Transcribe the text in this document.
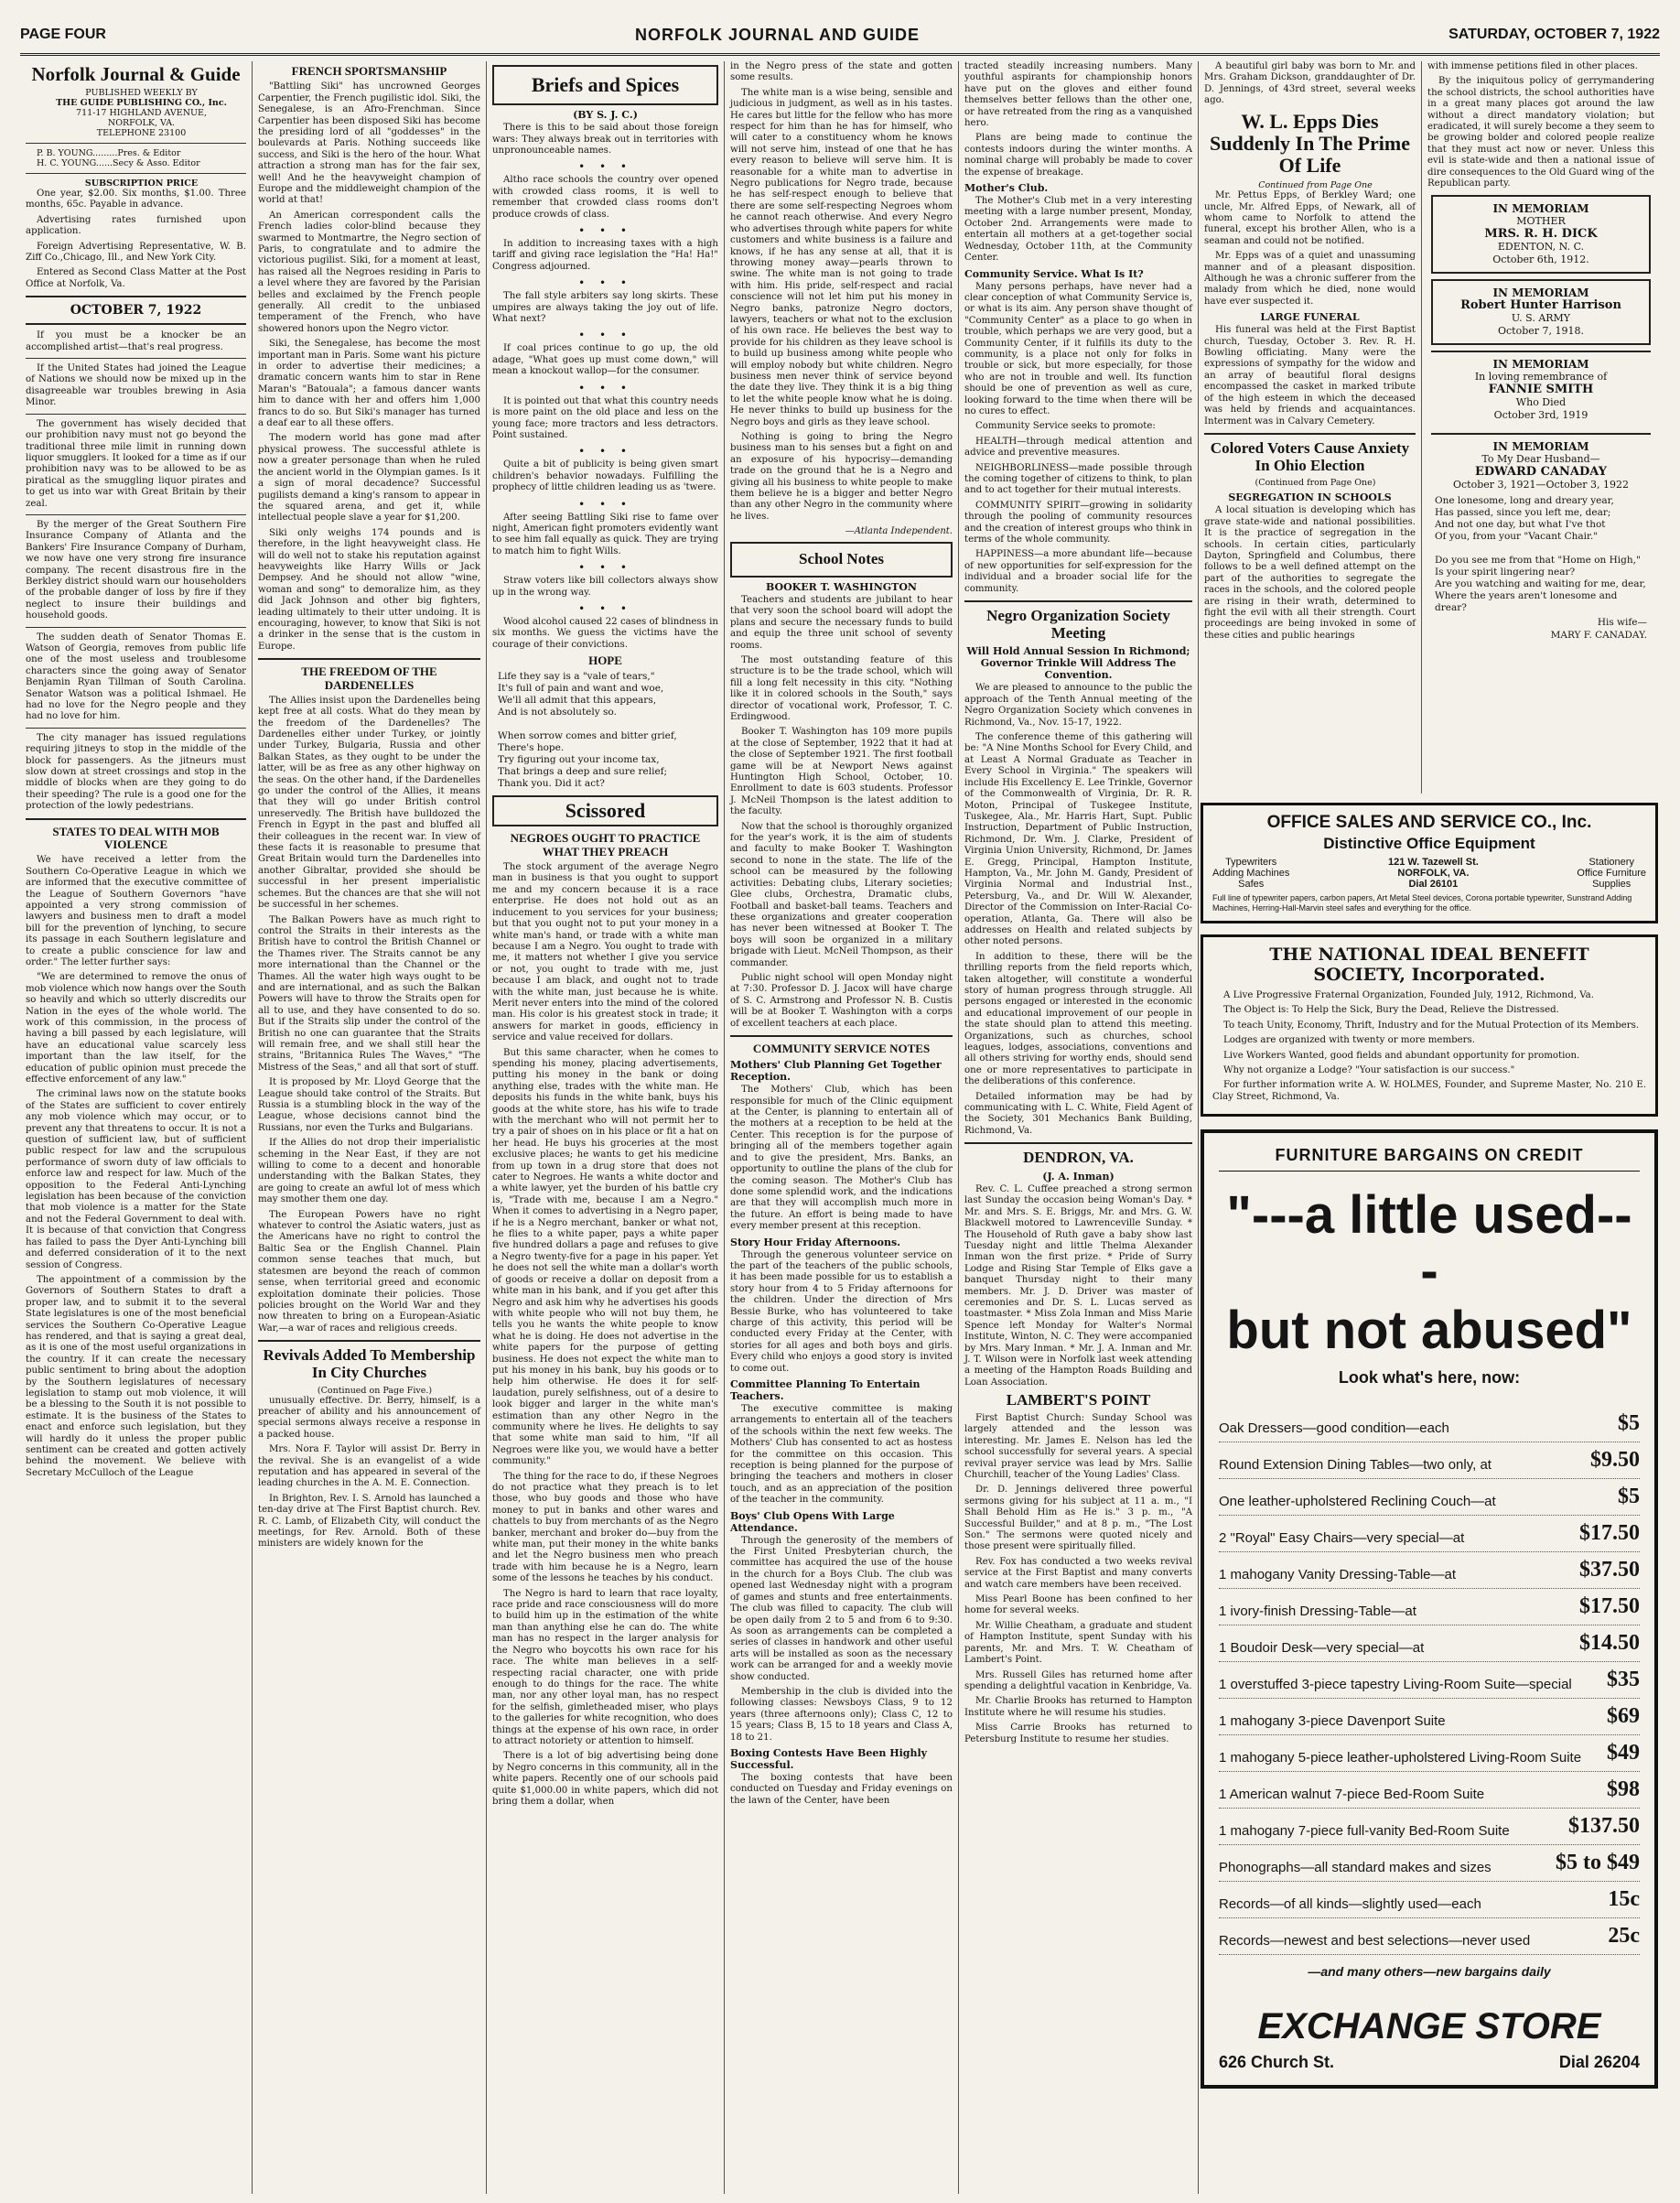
PAGE FOUR	NORFOLK JOURNAL AND GUIDE	SATURDAY, OCTOBER 7, 1922
Norfolk Journal & Guide

PUBLISHED WEEKLY BY

THE GUIDE PUBLISHING CO., Inc.

711-17 HIGHLAND AVENUE,

NORFOLK, VA.

TELEPHONE 23100

P. B. YOUNG.........Pres. & Editor

H. C. YOUNG......Secy & Asso. Editor

SUBSCRIPTION PRICE

One year, $2.00. Six months, $1.00. Three months, 65c. Payable in advance.

Advertising rates furnished upon application.

Foreign Advertising Representative, W. B. Ziff Co.,Chicago, Ill., and New York City.

Entered as Second Class Matter at the Post Office at Norfolk, Va.

OCTOBER 7, 1922

If you must be a knocker be an accomplished artist—that's real progress.

If the United States had joined the League of Nations we should now be mixed up in the disagreeable war troubles brewing in Asia Minor.

The government has wisely decided that our prohibition navy must not go beyond the traditional three mile limit in running down liquor smugglers. It looked for a time as if our prohibition navy was to be allowed to be as piratical as the smuggling liquor pirates and to get us into war with Great Britain by their zeal.

By the merger of the Great Southern Fire Insurance Company of Atlanta and the Bankers' Fire Insurance Company of Durham, we now have one very strong fire insurance company. The recent disastrous fire in the Berkley district should warn our householders of the probable danger of loss by fire if they neglect to insure their buildings and household goods.

The sudden death of Senator Thomas E. Watson of Georgia, removes from public life one of the most useless and troublesome characters since the going away of Senator Benjamin Ryan Tillman of South Carolina. Senator Watson was a political Ishmael. He had no love for the Negro people and they had no love for him.

The city manager has issued regulations requiring jitneys to stop in the middle of the block for passengers. As the jitneurs must slow down at street crossings and stop in the middle of blocks when are they going to do their speeding? The rule is a good one for the protection of the lowly pedestrians.

STATES TO DEAL WITH MOB VIOLENCE

We have received a letter from the Southern Co-Operative League in which we are informed that the executive committee of the League of Southern Governors "have appointed a very strong commission of lawyers and business men to draft a model bill for the prevention of lynching, to secure its passage in each Southern legislature and to create a public conscience for law and order." The letter further says:

"We are determined to remove the onus of mob violence which now hangs over the South so heavily and which so utterly discredits our Nation in the eyes of the whole world. The work of this commission, in the process of having a bill passed by each legislature, will have an educational value scarcely less important than the law itself, for the education of public opinion must precede the effective enforcement of any law."

The criminal laws now on the statute books of the States are sufficient to cover entirely any mob violence which may occur, or to prevent any that threatens to occur. It is not a question of sufficient law, but of sufficient public respect for law and the scrupulous performance of sworn duty of law officials to enforce law and respect for law. Much of the opposition to the Federal Anti-Lynching legislation has been because of the conviction that mob violence is a matter for the State and not the Federal Government to deal with. It is because of that conviction that Congress has failed to pass the Dyer Anti-Lynching bill and deferred consideration of it to the next session of Congress.

The appointment of a commission by the Governors of Southern States to draft a proper law, and to submit it to the several State legislatures is one of the most beneficial services the Southern Co-Operative League has rendered, and that is saying a great deal, as it is one of the most useful organizations in the country. If it can create the necessary public sentiment to bring about the adoption by the Southern legislatures of necessary legislation to stamp out mob violence, it will be a blessing to the South it is not possible to estimate. It is the business of the States to enact and enforce such legislation, but they will hardly do it unless the proper public sentiment can be created and gotten actively behind the movement. We believe with Secretary McCulloch of the League

FRENCH SPORTSMANSHIP

"Battling Siki" has uncrowned Georges Carpentier, the French pugilistic idol. Siki, the Senegalese, is an Afro-Frenchman. Since Carpentier has been disposed Siki has become the presiding lord of all "goddesses" in the boulevards at Paris. Nothing succeeds like success, and Siki is the hero of the hour. What attraction a strong man has for the fair sex, well! And he the heavyweight champion of Europe and the middleweight champion of the world at that!

An American correspondent calls the French ladies color-blind because they swarmed to Montmartre, the Negro section of Paris, to congratulate and to admire the victorious pugilist. Siki, for a moment at least, has raised all the Negroes residing in Paris to a level where they are favored by the Parisian belles and exclaimed by the French people generally. All credit to the unbiased temperament of the French, who have showered honors upon the Negro victor.

Siki, the Senegalese, has become the most important man in Paris. Some want his picture in order to advertise their medicines; a dramatic concern wants him to star in Rene Maran's "Batouala"; a famous dancer wants him to dance with her and offers him 1,000 francs to do so. But Siki's manager has turned a deaf ear to all these offers.

The modern world has gone mad after physical prowess. The successful athlete is now a greater personage than when he ruled the ancient world in the Olympian games. Is it a sign of moral decadence? Successful pugilists demand a king's ransom to appear in the squared arena, and get it, while intellectual people slave a year for $1,200.

Siki only weighs 174 pounds and is therefore, in the light heavyweight class. He will do well not to stake his reputation against heavyweights like Harry Wills or Jack Dempsey. And he should not allow "wine, woman and song" to demoralize him, as they did Jack Johnson and other big fighters, leading ultimately to their utter undoing. It is encouraging, however, to know that Siki is not a drinker in the sense that is the custom in Europe.

THE FREEDOM OF THE DARDENELLES

The Allies insist upon the Dardenelles being kept free at all costs. What do they mean by the freedom of the Dardenelles? The Dardenelles either under Turkey, or jointly under Turkey, Bulgaria, Russia and other Balkan States, as they ought to be under the latter, will be as free as any other highway on the seas. On the other hand, if the Dardenelles go under the control of the Allies, it means that they will go under British control unreservedly. The British have bulldozed the French in Egypt in the past and bluffed all their colleagues in the recent war. In view of these facts it is reasonable to presume that Great Britain would turn the Dardenelles into another Gibraltar, provided she should be successful in her present imperialistic schemes. But the chances are that she will not be successful in her schemes.

The Balkan Powers have as much right to control the Straits in their interests as the British have to control the British Channel or the Thames river. The Straits cannot be any more international than the Channel or the Thames. All the water high ways ought to be and are international, and as such the Balkan Powers will have to throw the Straits open for all to use, and they have consented to do so. But if the Straits slip under the control of the British no one can guarantee that the Straits will remain free, and we shall still hear the strains, "Britannica Rules The Waves," "The Mistress of the Seas," and all that sort of stuff.

It is proposed by Mr. Lloyd George that the League should take control of the Straits. But Russia is a stumbling block in the way of the League, whose decisions cannot bind the Russians, nor even the Turks and Bulgarians.

If the Allies do not drop their imperialistic scheming in the Near East, if they are not willing to come to a decent and honorable understanding with the Balkan States, they are going to create an awful lot of mess which may smother them one day.

The European Powers have no right whatever to control the Asiatic waters, just as the Americans have no right to control the Baltic Sea or the English Channel. Plain common sense teaches that much, but statesmen are beyond the reach of common sense, when territorial greed and economic exploitation dominate their policies. Those policies brought on the World War and they now threaten to bring on a European-Asiatic War,—a war of races and religious creeds.

Revivals Added To Membership In City Churches

(Continued on Page Five.)

unusually effective. Dr. Berry, himself, is a preacher of ability and his announcement of special sermons always receive a response in a packed house.

Mrs. Nora F. Taylor will assist Dr. Berry in the revival. She is an evangelist of a wide reputation and has appeared in several of the leading churches in the A. M. E. Connection.

In Brighton, Rev. I. S. Arnold has launched a ten-day drive at The First Baptist church. Rev. R. C. Lamb, of Elizabeth City, will conduct the meetings, for Rev. Arnold. Both of these ministers are widely known for the

Briefs and Spices
(BY S. J. C.)

There is this to be said about those foreign wars: They always break out in territories with unpronounceable names.

• • •

Altho race schools the country over opened with crowded class rooms, it is well to remember that crowded class rooms don't produce crowds of class.

• • •

In addition to increasing taxes with a high tariff and giving race legislation the "Ha! Ha!" Congress adjourned.

• • •

The fall style arbiters say long skirts. These umpires are always taking the joy out of life. What next?

• • •

If coal prices continue to go up, the old adage, "What goes up must come down," will mean a knockout wallop—for the consumer.

• • •

It is pointed out that what this country needs is more paint on the old place and less on the young face; more tractors and less detractors. Point sustained.

• • •

Quite a bit of publicity is being given smart children's behavior nowadays. Fulfilling the prophecy of little children leading us as 'twere.

• • •

After seeing Battling Siki rise to fame over night, American fight promoters evidently want to see him fall equally as quick. They are trying to match him to fight Wills.

• • •

Straw voters like bill collectors always show up in the wrong way.

• • •

Wood alcohol caused 22 cases of blindness in six months. We guess the victims have the courage of their convictions.

HOPE
Life they say is a "vale of tears,"
It's full of pain and want and woe,
We'll all admit that this appears,
And is not absolutely so.

When sorrow comes and bitter grief,
There's hope.
Try figuring out your income tax,
That brings a deep and sure relief;
Thank you. Did it act?
Scissored
NEGROES OUGHT TO PRACTICE WHAT THEY PREACH

The stock argument of the average Negro man in business is that you ought to support me and my concern because it is a race enterprise. He does not hold out as an inducement to you services for your business; but that you ought not to put your money in a white man's hand, or trade with a white man because I am a Negro. You ought to trade with me, it matters not whether I give you service or not, you ought to trade with me, just because I am black, and ought not to trade with the white man, just because he is white. Merit never enters into the mind of the colored man. His color is his greatest stock in trade; it answers for market in goods, efficiency in service and value received for dollars.

But this same character, when he comes to spending his money, placing advertisements, putting his money in the bank or doing anything else, trades with the white man. He deposits his funds in the white bank, buys his goods at the white store, has his wife to trade with the merchant who will not permit her to try a pair of shoes on in his place or fit a hat on her head. He buys his groceries at the most exclusive places; he wants to get his medicine from up town in a drug store that does not cater to Negroes. He wants a white doctor and a white lawyer, yet the burden of his battle cry is, "Trade with me, because I am a Negro." When it comes to advertising in a Negro paper, if he is a Negro merchant, banker or what not, he flies to a white paper, pays a white paper five hundred dollars a page and refuses to give a Negro twenty-five for a page in his paper. Yet he does not sell the white man a dollar's worth of goods or receive a dollar on deposit from a white man in his bank, and if you get after this Negro and ask him why he advertises his goods with white people who will not buy them, he tells you he wants the white people to know what he is doing. He does not advertise in the white papers for the purpose of getting business. He does not expect the white man to put his money in his bank, buy his goods or to help him otherwise. He does it for self-laudation, purely selfishness, out of a desire to look bigger and larger in the white man's estimation than any other Negro in the community where he lives. He delights to say that some white man said to him, "If all Negroes were like you, we would have a better community."

The thing for the race to do, if these Negroes do not practice what they preach is to let those, who buy goods and those who have money to put in banks and other wares and chattels to buy from merchants of as the Negro banker, merchant and broker do—buy from the white man, put their money in the white banks and let the Negro business men who preach trade with him because he is a Negro, learn some of the lessons he teaches by his conduct.

The Negro is hard to learn that race loyalty, race pride and race consciousness will do more to build him up in the estimation of the white man than anything else he can do. The white man has no respect in the larger analysis for the Negro who boycotts his own race for his race. The white man believes in a self-respecting racial character, one with pride enough to do things for the race. The white man, nor any other loyal man, has no respect for the selfish, gimletheaded miser, who plays to the galleries for white recognition, who does things at the expense of his own race, in order to attract notoriety or attention to himself.

There is a lot of big advertising being done by Negro concerns in this community, all in the white papers. Recently one of our schools paid quite $1,000.00 in white papers, which did not bring them a dollar, when

in the Negro press of the state and gotten some results.

The white man is a wise being, sensible and judicious in judgment, as well as in his tastes. He cares but little for the fellow who has more respect for him than he has for himself, who will cater to a constituency whom he knows will not serve him, instead of one that he has every reason to believe will serve him. It is reasonable for a white man to advertise in Negro publications for Negro trade, because he has self-respect enough to believe that there are some self-respecting Negroes whom he cannot reach otherwise. And every Negro who advertises through white papers for white customers and white business is a failure and knows, if he has any sense at all, that it is throwing money away—pearls thrown to swine. The white man is not going to trade with him. His pride, self-respect and racial conscience will not let him put his money in Negro banks, patronize Negro doctors, lawyers, teachers or what not to the exclusion of his own race. He believes the best way to provide for his children as they leave school is to build up business among white people who will employ nobody but white children. Negro business men never think of service beyond the date they live. They think it is a big thing to let the white people know what he is doing. He never thinks to build up business for the Negro boys and girls as they leave school.

Nothing is going to bring the Negro business man to his senses but a fight on and an exposure of his hypocrisy—demanding trade on the ground that he is a Negro and giving all his business to white people to make them believe he is a bigger and better Negro than any other Negro in the community where he lives.

—Atlanta Independent.
School Notes
BOOKER T. WASHINGTON

Teachers and students are jubilant to hear that very soon the school board will adopt the plans and secure the necessary funds to build and equip the three unit school of seventy rooms.

The most outstanding feature of this structure is to be the trade school, which will fill a long felt necessity in this city. "Nothing like it in colored schools in the South," says director of vocational work, Professor, T. C. Erdingwood.

Booker T. Washington has 109 more pupils at the close of September, 1922 that it had at the close of September 1921. The first football game will be at Newport News against Huntington High School, October, 10. Enrollment to date is 603 students. Professor J. McNeil Thompson is the latest addition to the faculty.

Now that the school is thoroughly organized for the year's work, it is the aim of students and faculty to make Booker T. Washington second to none in the state. The life of the school can be measured by the following activities: Debating clubs, Literary societies; Glee clubs, Orchestra, Dramatic clubs, Football and basket-ball teams. Teachers and these organizations and greater cooperation has never been witnessed at Booker T. The boys will soon be organized in a military brigade with Lieut. McNeil Thompson, as their commander.

Public night school will open Monday night at 7:30. Professor D. J. Jacox will have charge of S. C. Armstrong and Professor N. B. Custis will be at Booker T. Washington with a corps of excellent teachers at each place.

COMMUNITY SERVICE NOTES
Mothers' Club Planning Get Together Reception.

The Mothers' Club, which has been responsible for much of the Clinic equipment at the Center, is planning to entertain all of the mothers at a reception to be held at the Center. This reception is for the purpose of bringing all of the members together again and to give the president, Mrs. Banks, an opportunity to outline the plans of the club for the coming season. The Mother's Club has done some splendid work, and the indications are that they will accomplish much more in the future. An effort is being made to have every member present at this reception.

Story Hour Friday Afternoons.

Through the generous volunteer service on the part of the teachers of the public schools, it has been made possible for us to establish a story hour from 4 to 5 Friday afternoons for the children. Under the direction of Mrs Bessie Burke, who has volunteered to take charge of this activity, this period will be conducted every Friday at the Center, with stories for all ages and both boys and girls. Every child who enjoys a good story is invited to come out.

Committee Planning To Entertain Teachers.

The executive committee is making arrangements to entertain all of the teachers of the schools within the next few weeks. The Mothers' Club has consented to act as hostess for the committee on this occasion. This reception is being planned for the purpose of bringing the teachers and mothers in closer touch, and as an appreciation of the position of the teacher in the community.

Boys' Club Opens With Large Attendance.

Through the generosity of the members of the First United Presbyterian church, the committee has acquired the use of the house in the church for a Boys Club. The club was opened last Wednesday night with a program of games and stunts and free entertainments. The club was filled to capacity. The club will be open daily from 2 to 5 and from 6 to 9:30. As soon as arrangements can be completed a series of classes in handwork and other useful arts will be installed as soon as the necessary work can be arranged for and a weekly movie show conducted.

Membership in the club is divided into the following classes: Newsboys Class, 9 to 12 years (three afternoons only); Class C, 12 to 15 years; Class B, 15 to 18 years and Class A, 18 to 21.

Boxing Contests Have Been Highly Successful.

The boxing contests that have been conducted on Tuesday and Friday evenings on the lawn of the Center, have been

tracted steadily increasing numbers. Many youthful aspirants for championship honors have put on the gloves and either found themselves better fellows than the other one, or have retreated from the ring as a vanquished hero.

Plans are being made to continue the contests indoors during the winter months. A nominal charge will probably be made to cover the expense of breakage.

Mother's Club.

The Mother's Club met in a very interesting meeting with a large number present, Monday, October 2nd. Arrangements were made to entertain all mothers at a get-together social Wednesday, October 11th, at the Community Center.

Community Service. What Is It?

Many persons perhaps, have never had a clear conception of what Community Service is, or what is its aim. Any person shave thought of "Community Center" as a place to go when in trouble, which perhaps we are very good, but a Community Center, if it fulfills its duty to the community, is a place not only for folks in trouble or sick, but more especially, for those who are not in trouble and well. Its function should be one of prevention as well as cure, looking forward to the time when there will be no cures to effect.

Community Service seeks to promote:

HEALTH—through medical attention and advice and preventive measures.

NEIGHBORLINESS—made possible through the coming together of citizens to think, to plan and to act together for their mutual interests.

COMMUNITY SPIRIT—growing in solidarity through the pooling of community resources and the creation of interest groups who think in terms of the whole community.

HAPPINESS—a more abundant life—because of new opportunities for self-expression for the individual and a broader social life for the community.

Negro Organization Society Meeting
Will Hold Annual Session In Richmond; Governor Trinkle Will Address The Convention.

We are pleased to announce to the public the approach of the Tenth Annual meeting of the Negro Organization Society which convenes in Richmond, Va., Nov. 15-17, 1922.

The conference theme of this gathering will be: "A Nine Months School for Every Child, and at Least A Normal Graduate as Teacher in Every School in Virginia." The speakers will include His Excellency E. Lee Trinkle, Governor of the Commonwealth of Virginia, Dr. R. R. Moton, Principal of Tuskegee Institute, Tuskegee, Ala., Mr. Harris Hart, Supt. Public Instruction, Department of Public Instruction, Richmond, Dr. Wm. J. Clarke, President of Virginia Union University, Richmond, Dr. James E. Gregg, Principal, Hampton Institute, Hampton, Va., Mr. John M. Gandy, President of Virginia Normal and Industrial Inst., Petersburg, Va., and Dr. Will W. Alexander, Director of the Commission on Inter-Racial Co-operation, Atlanta, Ga. There will also be addresses on Health and related subjects by other noted persons.

In addition to these, there will be the thrilling reports from the field reports which, taken altogether, will constitute a wonderful story of human progress through struggle. All persons engaged or interested in the economic and educational improvement of our people in the state should plan to attend this meeting. Organizations, such as churches, school leagues, lodges, associations, conventions and all others striving for worthy ends, should send one or more representatives to participate in the deliberations of this conference.

Detailed information may be had by communicating with L. C. White, Field Agent of the Society, 301 Mechanics Bank Building, Richmond, Va.

DENDRON, VA.
(J. A. Inman)

Rev. C. L. Cuffee preached a strong sermon last Sunday the occasion being Woman's Day. * Mr. and Mrs. S. E. Briggs, Mr. and Mrs. G. W. Blackwell motored to Lawrenceville Sunday. * The Household of Ruth gave a baby show last Tuesday night and little Thelma Alexander Inman won the first prize. * Pride of Surry Lodge and Rising Star Temple of Elks gave a banquet Thursday night to their many members. Mr. J. D. Driver was master of ceremonies and Dr. S. L. Lucas served as toastmaster. * Miss Zola Inman and Miss Marie Spence left Monday for Walter's Normal Institute, Winton, N. C. They were accompanied by Mrs. Mary Inman. * Mr. J. A. Inman and Mr. J. T. Wilson were in Norfolk last week attending a meeting of the Hampton Roads Building and Loan Association.

LAMBERT'S POINT

First Baptist Church: Sunday School was largely attended and the lesson was interesting. Mr. James E. Nelson has led the school successfully for several years. A special revival prayer service was lead by Mrs. Sallie Churchill, teacher of the Young Ladies' Class.

Dr. D. Jennings delivered three powerful sermons giving for his subject at 11 a. m., "I Shall Behold Him as He is." 3 p. m., "A Successful Builder," and at 8 p. m., "The Lost Son." The sermons were quoted nicely and those present were spiritually filled.

Rev. Fox has conducted a two weeks revival service at the First Baptist and many converts and watch care members have been received.

Miss Pearl Boone has been confined to her home for several weeks.

Mr. Willie Cheatham, a graduate and student of Hampton Institute, spent Sunday with his parents, Mr. and Mrs. T. W. Cheatham of Lambert's Point.

Mrs. Russell Giles has returned home after spending a delightful vacation in Kenbridge, Va.

Mr. Charlie Brooks has returned to Hampton Institute where he will resume his studies.

Miss Carrie Brooks has returned to Petersburg Institute to resume her studies.

A beautiful girl baby was born to Mr. and Mrs. Graham Dickson, granddaughter of Dr. D. Jennings, of 43rd street, several weeks ago.

W. L. Epps Dies Suddenly In The Prime Of Life

Continued from Page One

Mr. Pettus Epps, of Berkley Ward; one uncle, Mr. Alfred Epps, of Newark, all of whom came to Norfolk to attend the funeral, except his brother Allen, who is a seaman and could not be notified.

Mr. Epps was of a quiet and unassuming manner and of a pleasant disposition. Although he was a chronic sufferer from the malady from which he died, none would have ever suspected it.

LARGE FUNERAL

His funeral was held at the First Baptist church, Tuesday, October 3. Rev. R. H. Bowling officiating. Many were the expressions of sympathy for the widow and an array of beautiful floral designs encompassed the casket in marked tribute of the high esteem in which the deceased was held by friends and acquaintances. Interment was in Calvary Cemetery.

Colored Voters Cause Anxiety In Ohio Election

(Continued from Page One)

SEGREGATION IN SCHOOLS

A local situation is developing which has grave state-wide and national possibilities. It is the practice of segregation in the schools. In certain cities, particularly Dayton, Springfield and Columbus, there follows to be a well defined attempt on the part of the authorities to segregate the races in the schools, and the colored people are rising in their wrath, determined to fight the evil with all their strength. Court proceedings are being invoked in some of these cities and public hearings

with immense petitions filed in other places.

By the iniquitous policy of gerrymandering the school districts, the school authorities have in a great many places got around the law without a direct mandatory violation; but eradicated, it will surely become a they seem to be growing bolder and colored people realize that they must act now or never. Unless this evil is state-wide and then a national issue of dire consequences to the Old Guard wing of the Republican party.

IN MEMORIAM
MOTHER
MRS. R. H. DICK
EDENTON, N. C.
October 6th, 1912.
IN MEMORIAM
Robert Hunter Harrison
U. S. ARMY
October 7, 1918.
IN MEMORIAM
In loving remembrance of
FANNIE SMITH
Who Died
October 3rd, 1919
IN MEMORIAM
To My Dear Husband—
EDWARD CANADAY
October 3, 1921—October 3, 1922
One lonesome, long and dreary year,
Has passed, since you left me, dear;
And not one day, but what I've thot
Of you, from your "Vacant Chair."

Do you see me from that "Home on High,"
Is your spirit lingering near?
Are you watching and waiting for me, dear,
Where the years aren't lonesome and drear?
His wife—
MARY F. CANADAY.
OFFICE SALES AND SERVICE CO., Inc.
Distinctive Office Equipment
Typewriters
Adding Machines
Safes
121 W. Tazewell St.
NORFOLK, VA.
Dial 26101
Stationery
Office Furniture
Supplies
Full line of typewriter papers, carbon papers, Art Metal Steel devices, Corona portable typewriter, Sunstrand Adding Machines, Herring-Hall-Marvin steel safes and everything for the office.
THE NATIONAL IDEAL BENEFIT
SOCIETY, Incorporated.

A Live Progressive Fraternal Organization, Founded July, 1912, Richmond, Va.

The Object is: To Help the Sick, Bury the Dead, Relieve the Distressed.

To teach Unity, Economy, Thrift, Industry and for the Mutual Protection of its Members.

Lodges are organized with twenty or more members.

Live Workers Wanted, good fields and abundant opportunity for promotion.

Why not organize a Lodge? "Your satisfaction is our success."

For further information write A. W. HOLMES, Founder, and Supreme Master, No. 210 E. Clay Street, Richmond, Va.

FURNITURE BARGAINS ON CREDIT
"---a little used---
but not abused"
Look what's here, now:
Oak Dressers—good condition—each	$5
Round Extension Dining Tables—two only, at	$9.50
One leather-upholstered Reclining Couch—at	$5
2 "Royal" Easy Chairs—very special—at	$17.50
1 mahogany Vanity Dressing-Table—at	$37.50
1 ivory-finish Dressing-Table—at	$17.50
1 Boudoir Desk—very special—at	$14.50
1 overstuffed 3-piece tapestry Living-Room Suite—special $35
1 mahogany 3-piece Davenport Suite	$69
1 mahogany 5-piece leather-upholstered Living-Room Suite $49
1 American walnut 7-piece Bed-Room Suite	$98
1 mahogany 7-piece full-vanity Bed-Room Suite	$137.50
Phonographs—all standard makes and sizes	$5 to $49
Records—of all kinds—slightly used—each	15c
Records—newest and best selections—never used	25c
—and many others—new bargains daily
EXCHANGE STORE
626 Church St.	Dial 26204
